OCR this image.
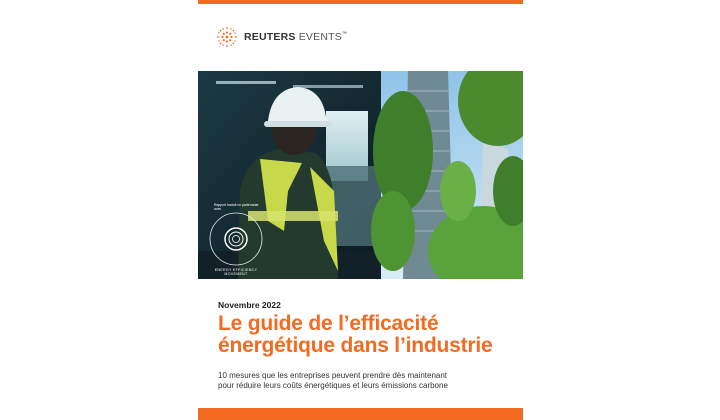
REUTERS EVENTS™
Rapport traduit en partenariat avec
ENERGY EFFICIENCY MOVEMENT
Novembre 2022
Le guide de l’efficacité
énergétique dans l’industrie
10 mesures que les entreprises peuvent prendre dès maintenant
pour réduire leurs coûts énergétiques et leurs émissions carbone
